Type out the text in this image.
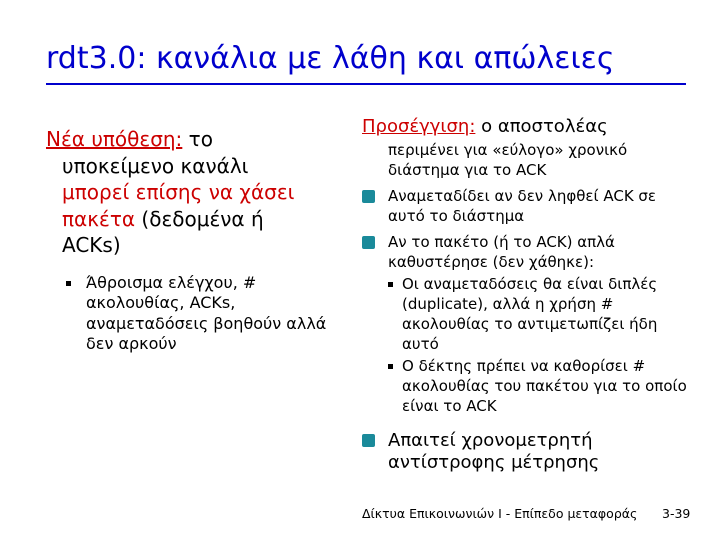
rdt3.0: κανάλια με λάθη και απώλειες
Νέα υπόθεση: το
υποκείμενο κανάλι
μπορεί επίσης να χάσει
πακέτα (δεδομένα ή
ACKs)
Άθροισμα ελέγχου, # ακολουθίας, ACKs, αναμεταδόσεις βοηθούν αλλά δεν αρκούν
Προσέγγιση: ο αποστολέας
περιμένει για «εύλογο» χρονικό διάστημα για το ACK
Αναμεταδίδει αν δεν ληφθεί ACK σε αυτό το διάστημα
Αν το πακέτο (ή το ACK) απλά καθυστέρησε (δεν χάθηκε):
Οι αναμεταδόσεις θα είναι διπλές (duplicate), αλλά η χρήση # ακολουθίας το αντιμετωπίζει ήδη αυτό
Ο δέκτης πρέπει να καθορίσει # ακολουθίας του πακέτου για το οποίο είναι το ACK
Απαιτεί χρονομετρητή αντίστροφης μέτρησης
Δίκτυα Επικοινωνιών Ι - Επίπεδο μεταφοράς 3-39
